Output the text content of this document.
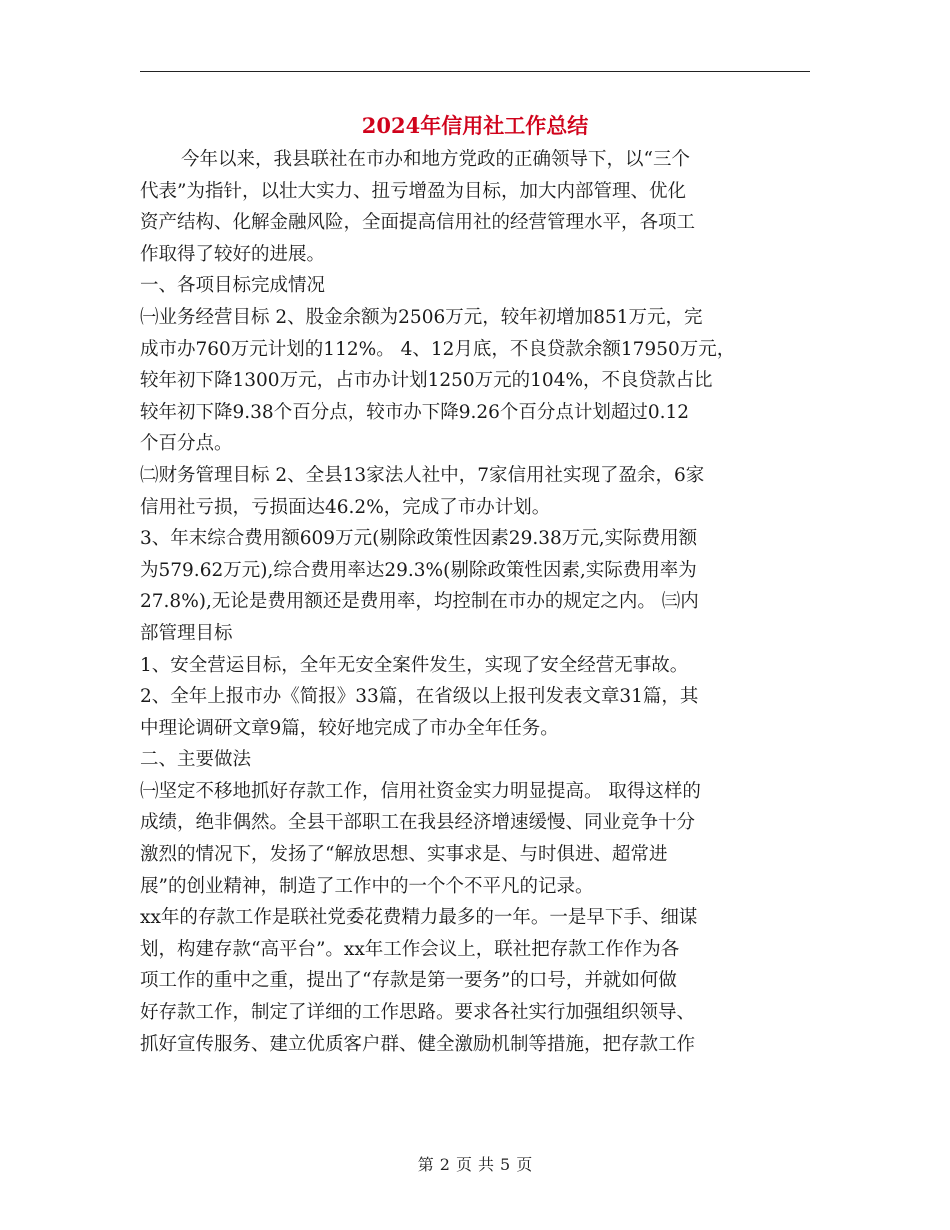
2024年信用社工作总结
今年以来，我县联社在市办和地方党政的正确领导下，以“三个
代表”为指针，以壮大实力、扭亏增盈为目标，加大内部管理、优化
资产结构、化解金融风险，全面提高信用社的经营管理水平，各项工
作取得了较好的进展。
一、各项目标完成情况
㈠业务经营目标 2、股金余额为2506万元，较年初增加851万元，完
成市办760万元计划的112%。 4、12月底，不良贷款余额17950万元，
较年初下降1300万元，占市办计划1250万元的104%，不良贷款占比
较年初下降9.38个百分点，较市办下降9.26个百分点计划超过0.12
个百分点。
㈡财务管理目标 2、全县13家法人社中，7家信用社实现了盈余，6家
信用社亏损，亏损面达46.2%，完成了市办计划。
3、年末综合费用额609万元(剔除政策性因素29.38万元,实际费用额
为579.62万元),综合费用率达29.3%(剔除政策性因素,实际费用率为
27.8%),无论是费用额还是费用率，均控制在市办的规定之内。 ㈢内
部管理目标
1、安全营运目标，全年无安全案件发生，实现了安全经营无事故。
2、全年上报市办《简报》33篇，在省级以上报刊发表文章31篇，其
中理论调研文章9篇，较好地完成了市办全年任务。
二、主要做法
㈠坚定不移地抓好存款工作，信用社资金实力明显提高。 取得这样的
成绩，绝非偶然。全县干部职工在我县经济增速缓慢、同业竞争十分
激烈的情况下，发扬了“解放思想、实事求是、与时俱进、超常进
展”的创业精神，制造了工作中的一个个不平凡的记录。
xx年的存款工作是联社党委花费精力最多的一年。一是早下手、细谋
划，构建存款“高平台”。xx年工作会议上，联社把存款工作作为各
项工作的重中之重，提出了“存款是第一要务”的口号，并就如何做
好存款工作，制定了详细的工作思路。要求各社实行加强组织领导、
抓好宣传服务、建立优质客户群、健全激励机制等措施，把存款工作
第 2 页 共 5 页
